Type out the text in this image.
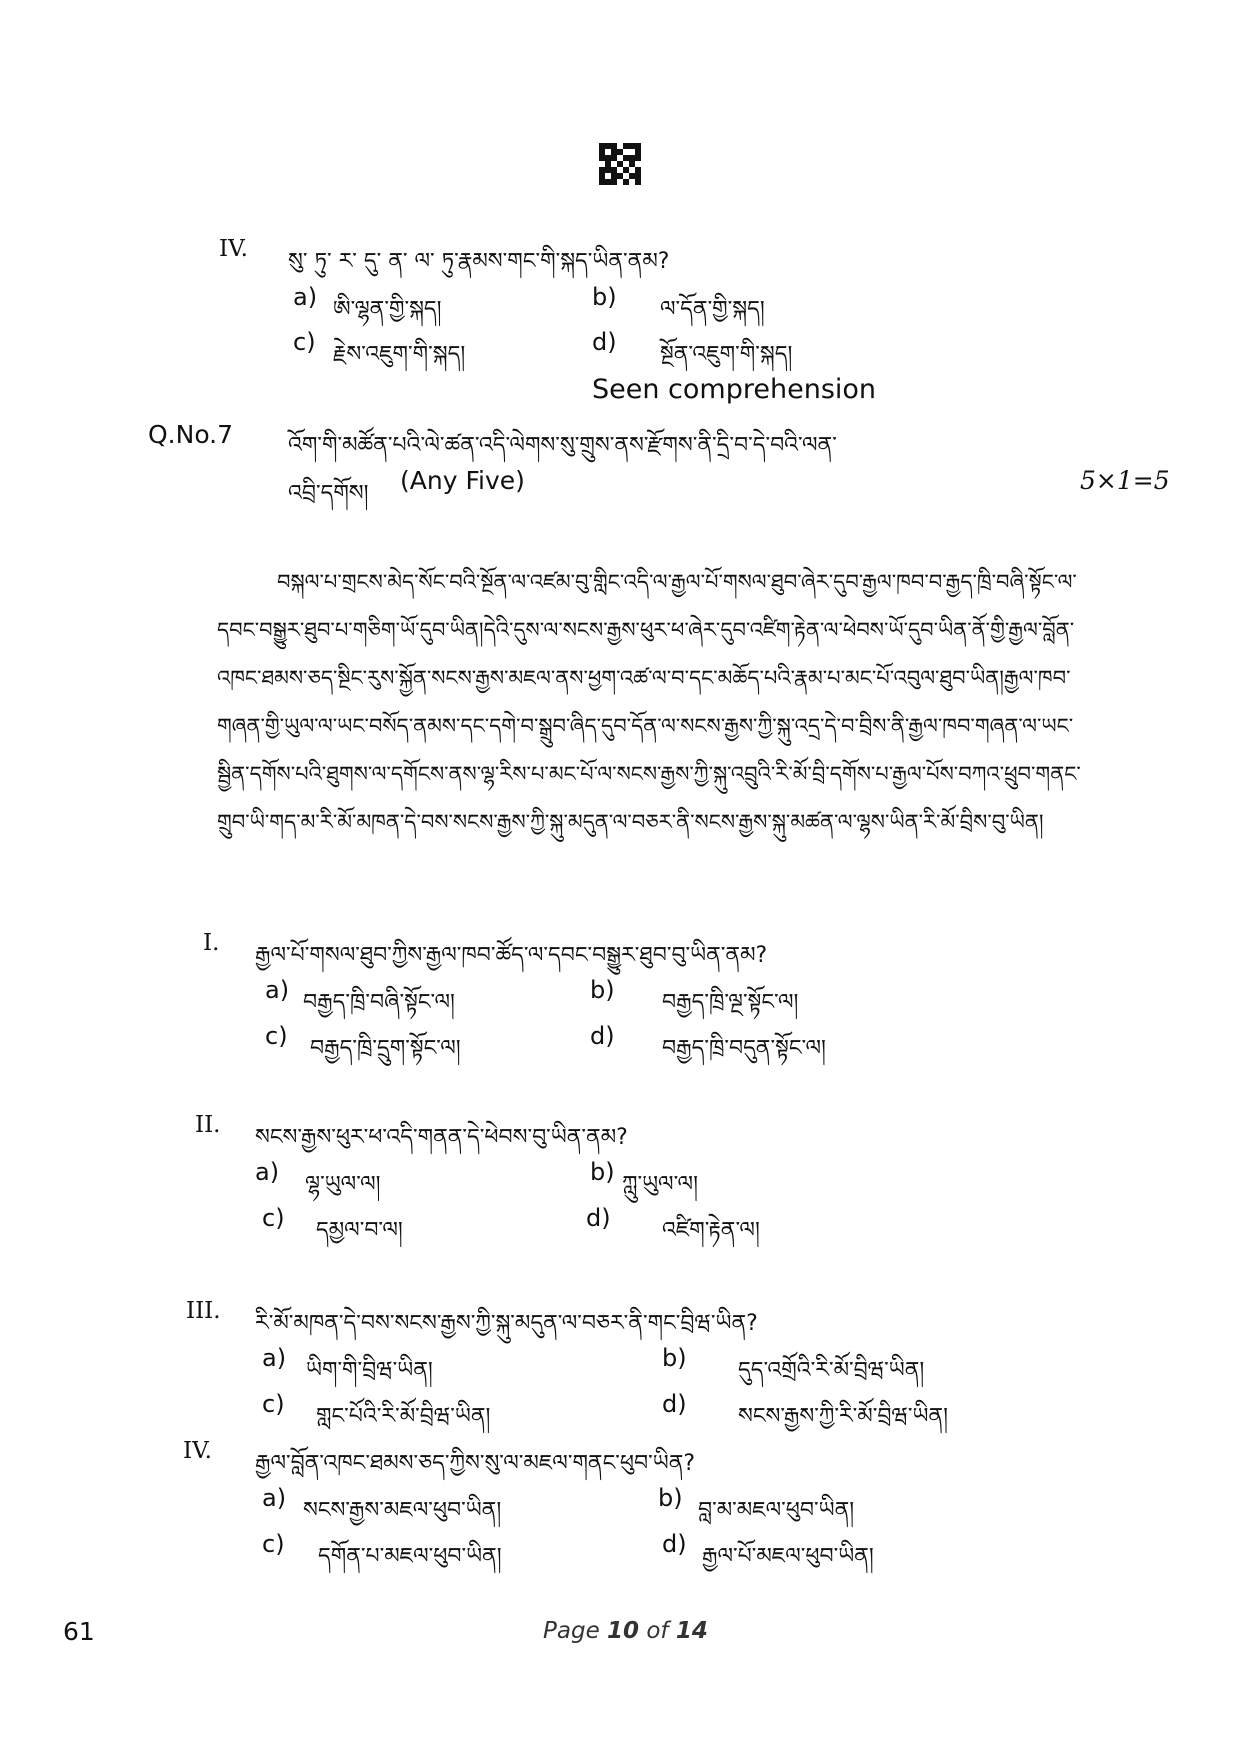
IV. སུ་ ཏུ་ ར་ དུ་ ན་ ལ་ ཏུ་རྣམས་གང་གི་སྐད་ཡིན་ནམ?
a) ཨི་ལྷན་གྱི་སྐད།	b) ལ་དོན་གྱི་སྐད།
c) རྗེས་འཇུག་གི་སྐད།	d) སྔོན་འཇུག་གི་སྐད།
Seen comprehension
Q.No.7 འོག་གི་མཚོན་པའི་ལེ་ཚན་འདི་ལེགས་སུ་གྲུས་ནས་རྫོགས་ནི་དྲི་བ་དེ་བའི་ལན་
འབྲི་དགོས། (Any Five)	5×1=5
བསྐལ་པ་གྲངས་མེད་སོང་བའི་སྔོན་ལ་འཛམ་བུ་གླིང་འདི་ལ་རྒྱལ་པོ་གསལ་ཐུབ་ཞེར་དུབ་རྒྱལ་ཁབ་བ་རྒྱད་ཁྲི་བཞི་སྟོང་ལ་དབང་བསྒྱུར་ཐུབ་པ་གཅིག་ཡོ་དུབ་ཡིན།དེའི་དུས་ལ་སངས་རྒྱས་ཕུར་ཕ་ཞེར་དུབ་འཛིག་རྟེན་ལ་ཕེབས་ཡོ་དུབ་ཡིན་ནོ་གྱི་རྒྱལ་བློན་འཁང་ཐམས་ཅད་སྔིང་རུས་སྐྱོན་སངས་རྒྱས་མཇལ་ནས་ཕྱག་འཚ་ལ་བ་དང་མཆོད་པའི་རྣམ་པ་མང་པོ་འབུལ་ཐུབ་ཡིན།རྒྱལ་ཁབ་གཞན་གྱི་ཡུལ་ལ་ཡང་བསོད་ནམས་དང་དགེ་བ་སྒྲུབ་ཞིད་དུབ་དོན་ལ་སངས་རྒྱས་ཀྱི་སྐུ་འདྲ་དེ་བ་བྲིས་ནི་རྒྱལ་ཁབ་གཞན་ལ་ཡང་སྦྱིན་དགོས་པའི་ཐུགས་ལ་དགོངས་ནས་ལྷ་རིས་པ་མང་པོ་ལ་སངས་རྒྱས་ཀྱི་སྐུ་འབྲུའི་རི་མོ་བྲི་དགོས་པ་རྒྱལ་པོས་བཀའ་ཕྲུབ་གནང་གྲུབ་ཡི་གད་མ་རི་མོ་མཁན་དེ་བས་སངས་རྒྱས་ཀྱི་སྐུ་མདུན་ལ་བཅར་ནི་སངས་རྒྱས་སྐུ་མཚན་ལ་ལྷས་ཡིན་རི་མོ་བྲིས་བུ་ཡིན།
I. རྒྱལ་པོ་གསལ་ཐུབ་ཀྱིས་རྒྱལ་ཁབ་ཚོད་ལ་དབང་བསྒྱུར་ཐུབ་བུ་ཡིན་ནམ?
a) བརྒྱད་ཁྲི་བཞི་སྟོང་ལ།	b) བརྒྱད་ཁྲི་ལྔ་སྟོང་ལ།
c) བརྒྱད་ཁྲི་དྲུག་སྟོང་ལ།	d) བརྒྱད་ཁྲི་བདུན་སྟོང་ལ།
II. སངས་རྒྱས་ཕུར་ཕ་འདི་གནན་དེ་ཕེབས་བུ་ཡིན་ནམ?
a) ལྷ་ཡུལ་ལ།	b) ཀླུ་ཡུལ་ལ།
c) དམྱལ་བ་ལ།	d) འཛིག་རྟེན་ལ།
III. རི་མོ་མཁན་དེ་བས་སངས་རྒྱས་ཀྱི་སྐུ་མདུན་ལ་བཅར་ནི་གང་བྲིཝ་ཡིན?
a) ཡིག་གི་བྲིཝ་ཡིན།	b) དུད་འགྲོའི་རི་མོ་བྲིཝ་ཡིན།
c) གླང་པོའི་རི་མོ་བྲིཝ་ཡིན།	d) སངས་རྒྱས་ཀྱི་རི་མོ་བྲིཝ་ཡིན།
IV. རྒྱལ་བློན་འཁང་ཐམས་ཅད་ཀྱིས་སུ་ལ་མཇལ་གནང་ཕུབ་ཡིན?
a) སངས་རྒྱས་མཇལ་ཕུབ་ཡིན།	b) བླ་མ་མཇལ་ཕུབ་ཡིན།
c) དགོན་པ་མཇལ་ཕུབ་ཡིན།	d) རྒྱལ་པོ་མཇལ་ཕུབ་ཡིན།
61	Page 10 of 14
